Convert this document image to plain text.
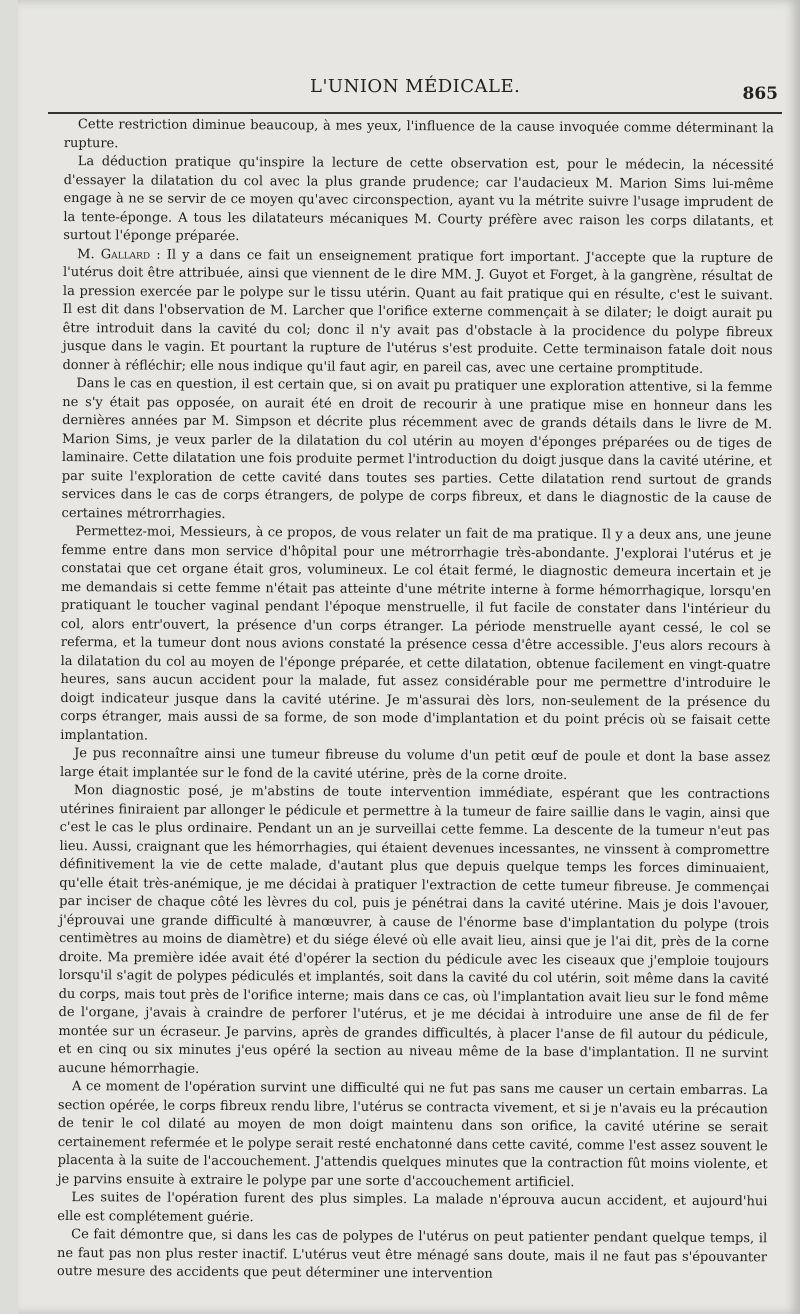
L'UNION MÉDICALE.	865

Cette restriction diminue beaucoup, à mes yeux, l'influence de la cause invoquée comme déterminant la rupture.

La déduction pratique qu'inspire la lecture de cette observation est, pour le médecin, la nécessité d'essayer la dilatation du col avec la plus grande prudence; car l'audacieux M. Marion Sims lui-même engage à ne se servir de ce moyen qu'avec circonspection, ayant vu la métrite suivre l'usage imprudent de la tente-éponge. A tous les dilatateurs mécaniques M. Courty préfère avec raison les corps dilatants, et surtout l'éponge préparée.

M. Gallard : Il y a dans ce fait un enseignement pratique fort important. J'accepte que la rupture de l'utérus doit être attribuée, ainsi que viennent de le dire MM. J. Guyot et Forget, à la gangrène, résultat de la pression exercée par le polype sur le tissu utérin. Quant au fait pratique qui en résulte, c'est le suivant. Il est dit dans l'observation de M. Larcher que l'orifice externe commençait à se dilater; le doigt aurait pu être introduit dans la cavité du col; donc il n'y avait pas d'obstacle à la procidence du polype fibreux jusque dans le vagin. Et pourtant la rupture de l'utérus s'est produite. Cette terminaison fatale doit nous donner à réfléchir; elle nous indique qu'il faut agir, en pareil cas, avec une certaine promptitude.

Dans le cas en question, il est certain que, si on avait pu pratiquer une exploration attentive, si la femme ne s'y était pas opposée, on aurait été en droit de recourir à une pratique mise en honneur dans les dernières années par M. Simpson et décrite plus récemment avec de grands détails dans le livre de M. Marion Sims, je veux parler de la dilatation du col utérin au moyen d'éponges préparées ou de tiges de laminaire. Cette dilatation une fois produite permet l'introduction du doigt jusque dans la cavité utérine, et par suite l'exploration de cette cavité dans toutes ses parties. Cette dilatation rend surtout de grands services dans le cas de corps étrangers, de polype de corps fibreux, et dans le diagnostic de la cause de certaines métrorrhagies.

Permettez-moi, Messieurs, à ce propos, de vous relater un fait de ma pratique. Il y a deux ans, une jeune femme entre dans mon service d'hôpital pour une métrorrhagie très-abondante. J'explorai l'utérus et je constatai que cet organe était gros, volumineux. Le col était fermé, le diagnostic demeura incertain et je me demandais si cette femme n'était pas atteinte d'une métrite interne à forme hémorrhagique, lorsqu'en pratiquant le toucher vaginal pendant l'époque menstruelle, il fut facile de constater dans l'intérieur du col, alors entr'ouvert, la présence d'un corps étranger. La période menstruelle ayant cessé, le col se referma, et la tumeur dont nous avions constaté la présence cessa d'être accessible. J'eus alors recours à la dilatation du col au moyen de l'éponge préparée, et cette dilatation, obtenue facilement en vingt-quatre heures, sans aucun accident pour la malade, fut assez considérable pour me permettre d'introduire le doigt indicateur jusque dans la cavité utérine. Je m'assurai dès lors, non-seulement de la présence du corps étranger, mais aussi de sa forme, de son mode d'implantation et du point précis où se faisait cette implantation.

Je pus reconnaître ainsi une tumeur fibreuse du volume d'un petit œuf de poule et dont la base assez large était implantée sur le fond de la cavité utérine, près de la corne droite.

Mon diagnostic posé, je m'abstins de toute intervention immédiate, espérant que les contractions utérines finiraient par allonger le pédicule et permettre à la tumeur de faire saillie dans le vagin, ainsi que c'est le cas le plus ordinaire. Pendant un an je surveillai cette femme. La descente de la tumeur n'eut pas lieu. Aussi, craignant que les hémorrhagies, qui étaient devenues incessantes, ne vinssent à compromettre définitivement la vie de cette malade, d'autant plus que depuis quelque temps les forces diminuaient, qu'elle était très-anémique, je me décidai à pratiquer l'extraction de cette tumeur fibreuse. Je commençai par inciser de chaque côté les lèvres du col, puis je pénétrai dans la cavité utérine. Mais je dois l'avouer, j'éprouvai une grande difficulté à manœuvrer, à cause de l'énorme base d'implantation du polype (trois centimètres au moins de diamètre) et du siége élevé où elle avait lieu, ainsi que je l'ai dit, près de la corne droite. Ma première idée avait été d'opérer la section du pédicule avec les ciseaux que j'emploie toujours lorsqu'il s'agit de polypes pédiculés et implantés, soit dans la cavité du col utérin, soit même dans la cavité du corps, mais tout près de l'orifice interne; mais dans ce cas, où l'implantation avait lieu sur le fond même de l'organe, j'avais à craindre de perforer l'utérus, et je me décidai à introduire une anse de fil de fer montée sur un écraseur. Je parvins, après de grandes difficultés, à placer l'anse de fil autour du pédicule, et en cinq ou six minutes j'eus opéré la section au niveau même de la base d'implantation. Il ne survint aucune hémorrhagie.

A ce moment de l'opération survint une difficulté qui ne fut pas sans me causer un certain embarras. La section opérée, le corps fibreux rendu libre, l'utérus se contracta vivement, et si je n'avais eu la précaution de tenir le col dilaté au moyen de mon doigt maintenu dans son orifice, la cavité utérine se serait certainement refermée et le polype serait resté enchatonné dans cette cavité, comme l'est assez souvent le placenta à la suite de l'accouchement. J'attendis quelques minutes que la contraction fût moins violente, et je parvins ensuite à extraire le polype par une sorte d'accouchement artificiel.

Les suites de l'opération furent des plus simples. La malade n'éprouva aucun accident, et aujourd'hui elle est complétement guérie.

Ce fait démontre que, si dans les cas de polypes de l'utérus on peut patienter pendant quelque temps, il ne faut pas non plus rester inactif. L'utérus veut être ménagé sans doute, mais il ne faut pas s'épouvanter outre mesure des accidents que peut déterminer une intervention
